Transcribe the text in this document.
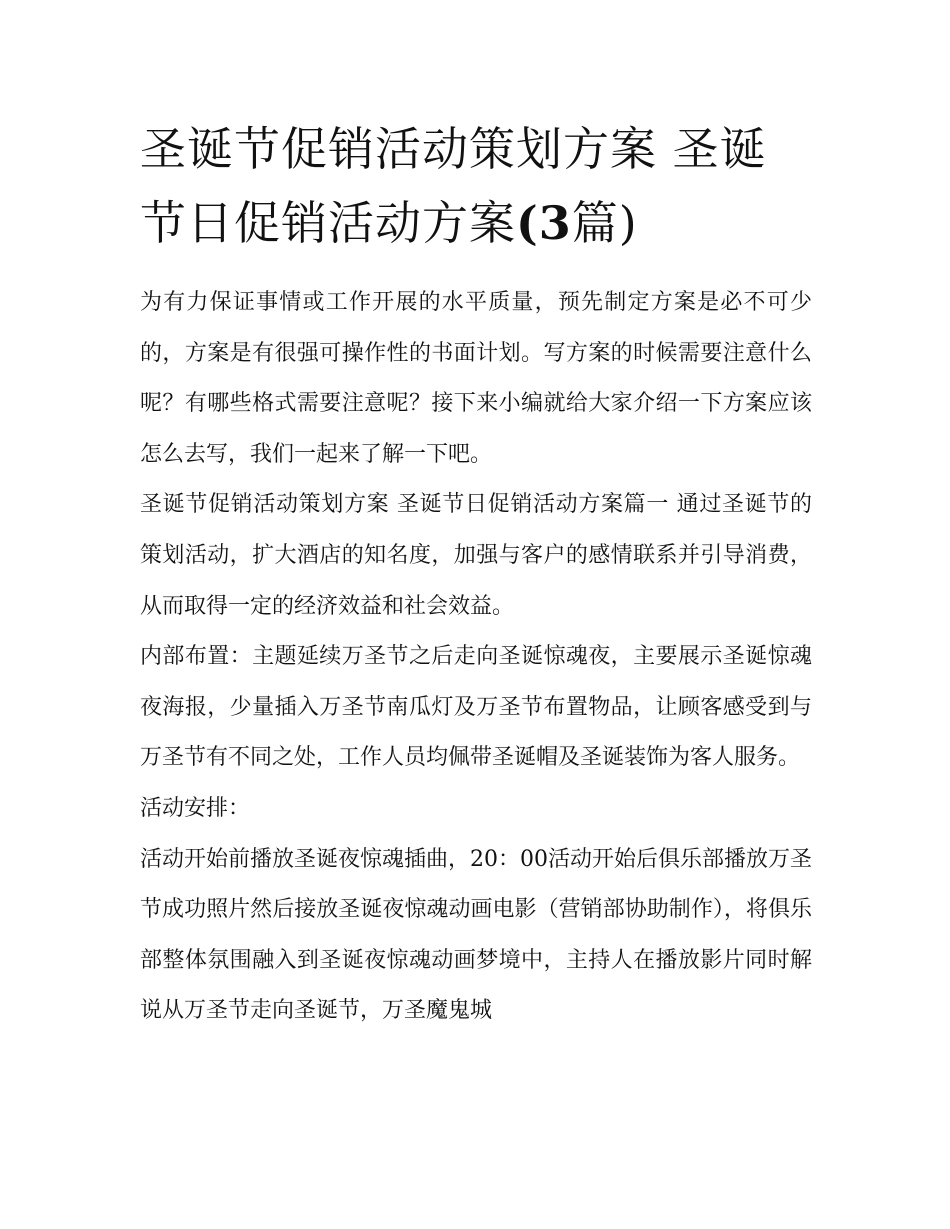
圣诞节促销活动策划方案 圣诞节日促销活动方案(3篇)

为有力保证事情或工作开展的水平质量，预先制定方案是必不可少的，方案是有很强可操作性的书面计划。写方案的时候需要注意什么呢？有哪些格式需要注意呢？接下来小编就给大家介绍一下方案应该怎么去写，我们一起来了解一下吧。

圣诞节促销活动策划方案 圣诞节日促销活动方案篇一 通过圣诞节的策划活动，扩大酒店的知名度，加强与客户的感情联系并引导消费，从而取得一定的经济效益和社会效益。

内部布置：主题延续万圣节之后走向圣诞惊魂夜，主要展示圣诞惊魂夜海报，少量插入万圣节南瓜灯及万圣节布置物品，让顾客感受到与万圣节有不同之处，工作人员均佩带圣诞帽及圣诞装饰为客人服务。

活动安排：

活动开始前播放圣诞夜惊魂插曲，20：00活动开始后俱乐部播放万圣节成功照片然后接放圣诞夜惊魂动画电影（营销部协助制作），将俱乐部整体氛围融入到圣诞夜惊魂动画梦境中，主持人在播放影片同时解说从万圣节走向圣诞节，万圣魔鬼城
